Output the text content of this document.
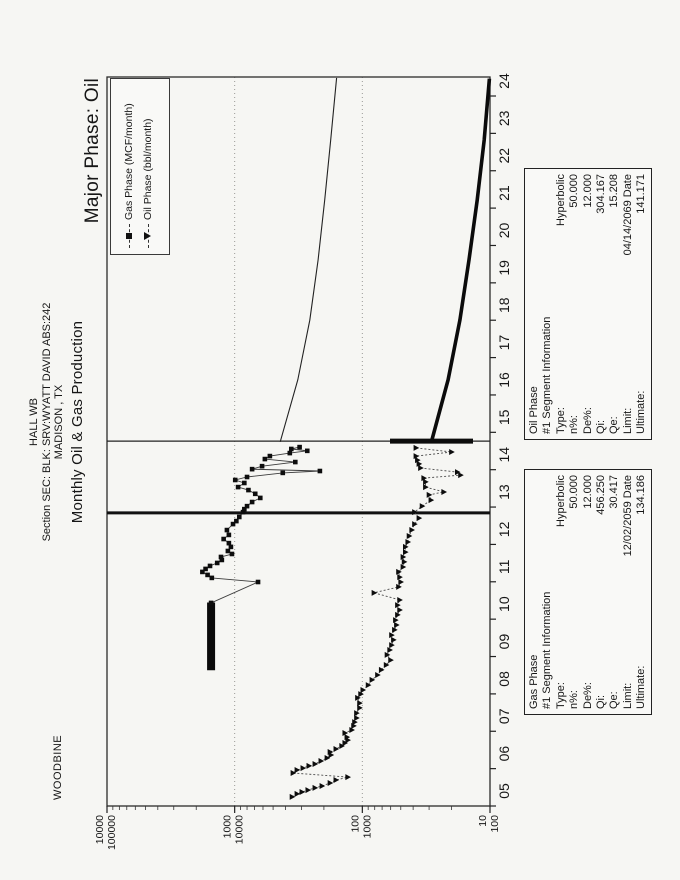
WOODBINE
HALL WB Section SEC: BLK: SRV:WYATT DAVID ABS:242 MADISON , TX Monthly Oil & Gas Production
Major Phase: Oil
05
06
07
08
09
10
11
12
13
14
15
16
17
18
19
20
21
22
23
24
10000 100000	1000 10000	100 1000	10 100
Gas Phase (MCF/month) Oil Phase (bbl/month)
Gas Phase #1 Segment Information Type:
Hyperbolic
n%:
50.000
De%:
12.000
Qi:
456.250
Qe:
30.417
Limit:
12/02/2059 Date
Ultimate:
134.186
Oil Phase #1 Segment Information Type:
Hyperbolic
n%:
50.000
De%:
12.000
Qi:
304.167
Qe:
15.208
Limit:
04/14/2069 Date
Ultimate:
141.171
